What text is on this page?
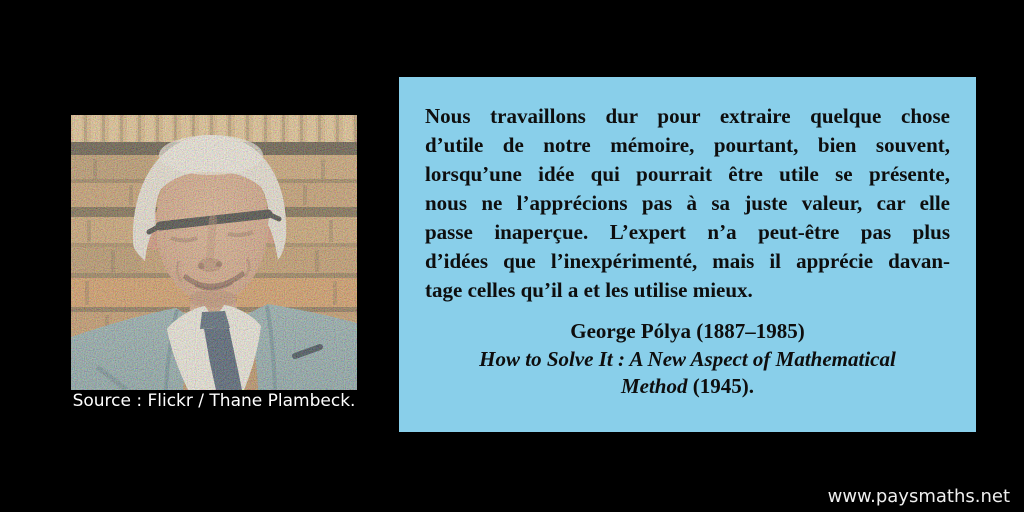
Source : Flickr / Thane Plambeck.
Nous travaillons dur pour extraire quelque chose
d’utile de notre mémoire, pourtant, bien souvent,
lorsqu’une idée qui pourrait être utile se présente,
nous ne l’apprécions pas à sa juste valeur, car elle
passe inaperçue. L’expert n’a peut-être pas plus
d’idées que l’inexpérimenté, mais il apprécie davan-
tage celles qu’il a et les utilise mieux.
George Pólya (1887–1985)
How to Solve It : A New Aspect of Mathematical
Method (1945).
www.paysmaths.net
